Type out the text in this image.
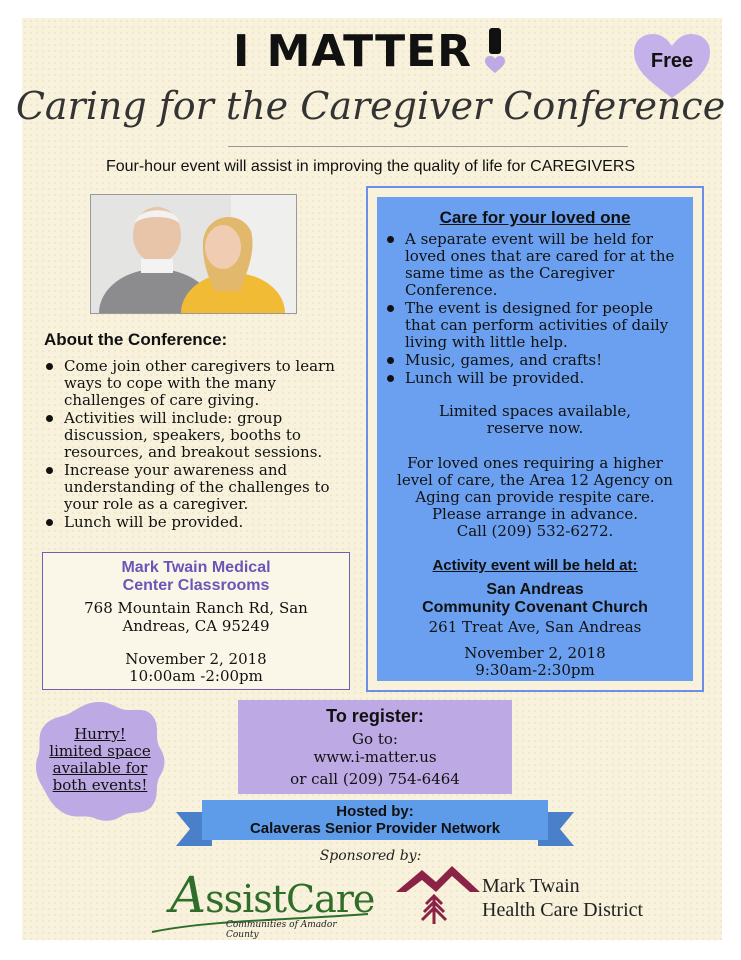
I MATTER	Free
Caring for the Caregiver Conference
Four-hour event will assist in improving the quality of life for CAREGIVERS
About the Conference:
Come join other caregivers to learn ways to cope with the many challenges of care giving.
Activities will include: group discussion, speakers, booths to resources, and breakout sessions.
Increase your awareness and understanding of the challenges to your role as a caregiver.
Lunch will be provided.
Mark Twain Medical
Center Classrooms
768 Mountain Ranch Rd, San
Andreas, CA 95249
November 2, 2018
10:00am -2:00pm
Care for your loved one
A separate event will be held for loved ones that are cared for at the same time as the Caregiver Conference.
The event is designed for people that can perform activities of daily living with little help.
Music, games, and crafts!
Lunch will be provided.
Limited spaces available,
reserve now.
For loved ones requiring a higher
level of care, the Area 12 Agency on
Aging can provide respite care.
Please arrange in advance.
Call (209) 532-6272.
Activity event will be held at:
San Andreas
Community Covenant Church
261 Treat Ave, San Andreas
November 2, 2018
9:30am-2:30pm
Hurry!
limited space
available for
both events!
To register:
Go to:
www.i-matter.us
or call (209) 754-6464
Hosted by:
Calaveras Senior Provider Network
Sponsored by:
AssistCare
Communities of Amador County
Mark Twain
Health Care District
